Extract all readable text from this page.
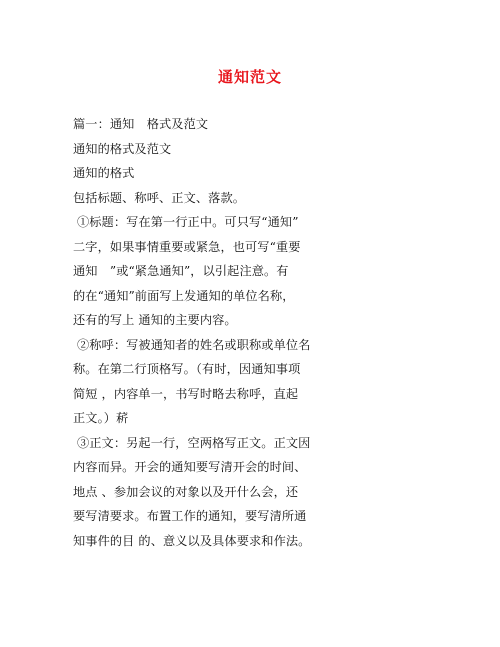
通知范文
篇一：通知　格式及范文
通知的格式及范文
通知的格式
包括标题、称呼、正文、落款。
①标题：写在第一行正中。可只写“通知”
二字，如果事情重要或紧急，也可写“重要
通知　”或“紧急通知”，以引起注意。有
的在“通知”前面写上发通知的单位名称，
还有的写上 通知的主要内容。
②称呼：写被通知者的姓名或职称或单位名
称。在第二行顶格写。（有时，因通知事项
简短 ，内容单一，书写时略去称呼，直起
正文。）菥
③正文：另起一行，空两格写正文。正文因
内容而异。开会的通知要写清开会的时间、
地点 、参加会议的对象以及开什么会，还
要写清要求。布置工作的通知，要写清所通
知事件的目 的、意义以及具体要求和作法。
